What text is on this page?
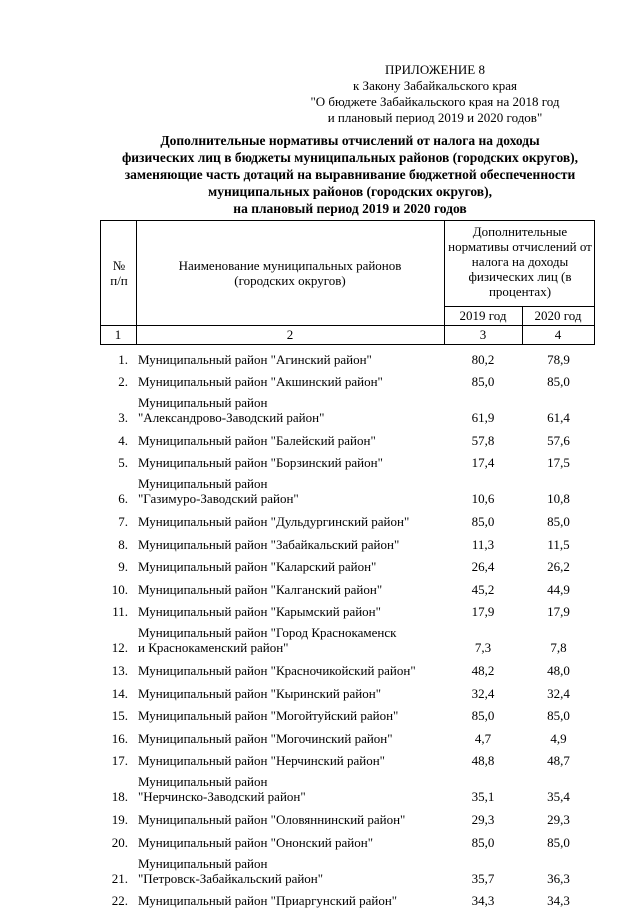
ПРИЛОЖЕНИЕ 8
к Закону Забайкальского края
"О бюджете Забайкальского края на 2018 год
и плановый период 2019 и 2020 годов"
Дополнительные нормативы отчислений от налога на доходы
физических лиц в бюджеты муниципальных районов (городских округов),
заменяющие часть дотаций на выравнивание бюджетной обеспеченности
муниципальных районов (городских округов),
на плановый период 2019 и 2020 годов
№ п/п
Наименование муниципальных районов (городских округов)
Дополнительные нормативы отчислений от налога на доходы физических лиц (в процентах)
2019 год	2020 год
1	2	3	4
1. Муниципальный район "Агинский район"	80,2	78,9
2. Муниципальный район "Акшинский район"	85,0	85,0
3.
Муниципальный район
"Александрово-Заводский район"	61,9	61,4
4. Муниципальный район "Балейский район"	57,8	57,6
5. Муниципальный район "Борзинский район"	17,4	17,5
6.
Муниципальный район
"Газимуро-Заводский район"	10,6	10,8
7. Муниципальный район "Дульдургинский район"	85,0	85,0
8. Муниципальный район "Забайкальский район"	11,3	11,5
9. Муниципальный район "Каларский район"	26,4	26,2
10. Муниципальный район "Калганский район"	45,2	44,9
11. Муниципальный район "Карымский район"	17,9	17,9
12.
Муниципальный район "Город Краснокаменск
и Краснокаменский район"	7,3	7,8
13. Муниципальный район "Красночикойский район"	48,2	48,0
14. Муниципальный район "Кыринский район"	32,4	32,4
15. Муниципальный район "Могойтуйский район"	85,0	85,0
16. Муниципальный район "Могочинский район"	4,7	4,9
17. Муниципальный район "Нерчинский район"	48,8	48,7
18.
Муниципальный район
"Нерчинско-Заводский район"	35,1	35,4
19. Муниципальный район "Оловяннинский район"	29,3	29,3
20. Муниципальный район "Ононский район"	85,0	85,0
21.
Муниципальный район
"Петровск-Забайкальский район"	35,7	36,3
22. Муниципальный район "Приаргунский район"	34,3	34,3
